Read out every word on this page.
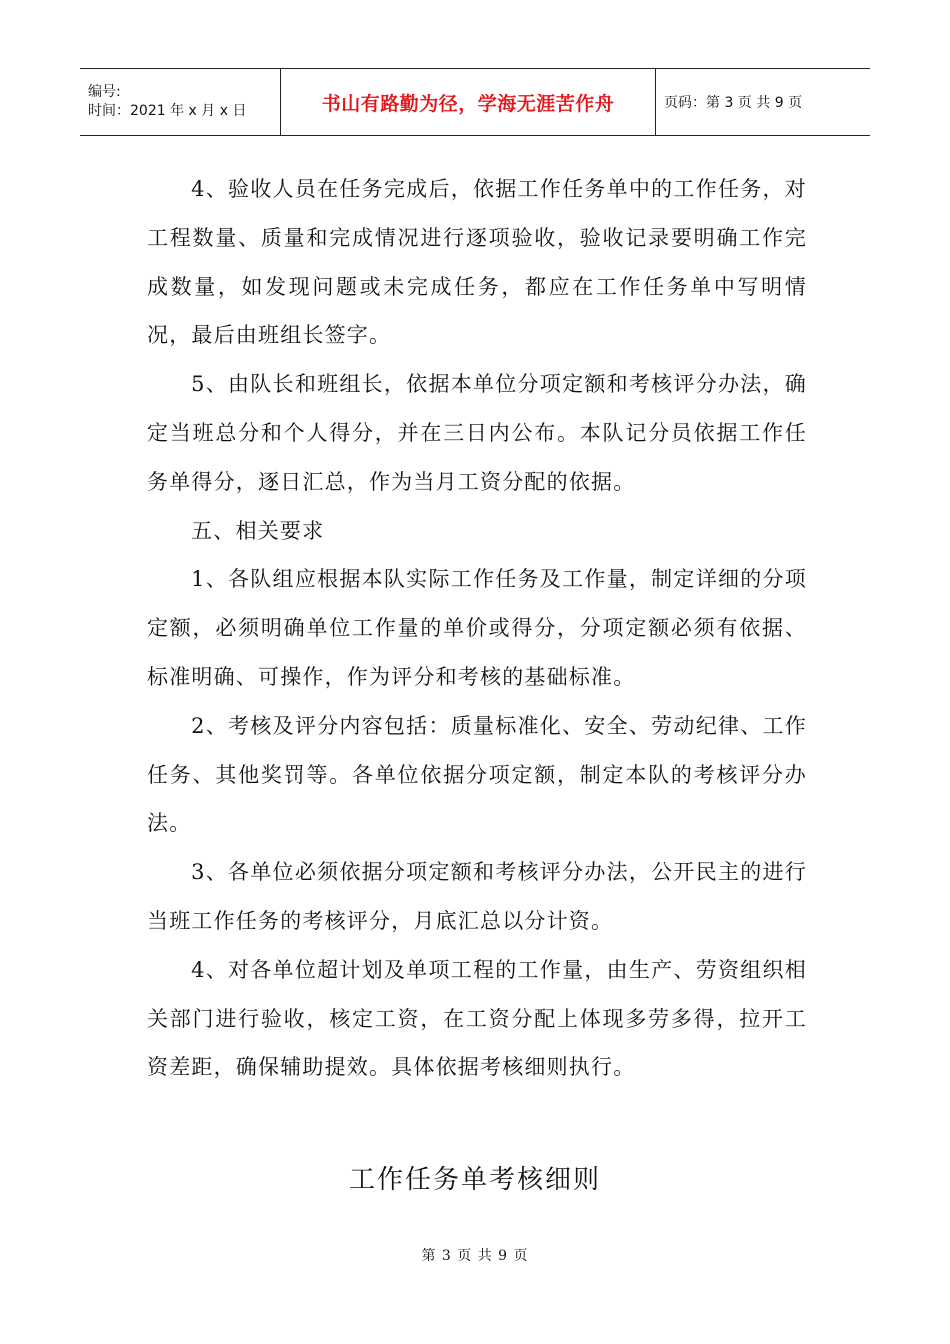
编号:
时间：2021 年 x 月 x 日	书山有路勤为径，学海无涯苦作舟	页码：第 3 页 共 9 页

4、验收人员在任务完成后，依据工作任务单中的工作任务，对工程数量、质量和完成情况进行逐项验收，验收记录要明确工作完成数量，如发现问题或未完成任务，都应在工作任务单中写明情况，最后由班组长签字。

5、由队长和班组长，依据本单位分项定额和考核评分办法，确定当班总分和个人得分，并在三日内公布。本队记分员依据工作任务单得分，逐日汇总，作为当月工资分配的依据。

五、相关要求

1、各队组应根据本队实际工作任务及工作量，制定详细的分项定额，必须明确单位工作量的单价或得分，分项定额必须有依据、标准明确、可操作，作为评分和考核的基础标准。

2、考核及评分内容包括：质量标准化、安全、劳动纪律、工作任务、其他奖罚等。各单位依据分项定额，制定本队的考核评分办法。

3、各单位必须依据分项定额和考核评分办法，公开民主的进行当班工作任务的考核评分，月底汇总以分计资。

4、对各单位超计划及单项工程的工作量，由生产、劳资组织相关部门进行验收，核定工资，在工资分配上体现多劳多得，拉开工资差距，确保辅助提效。具体依据考核细则执行。

工作任务单考核细则
第 3 页 共 9 页
